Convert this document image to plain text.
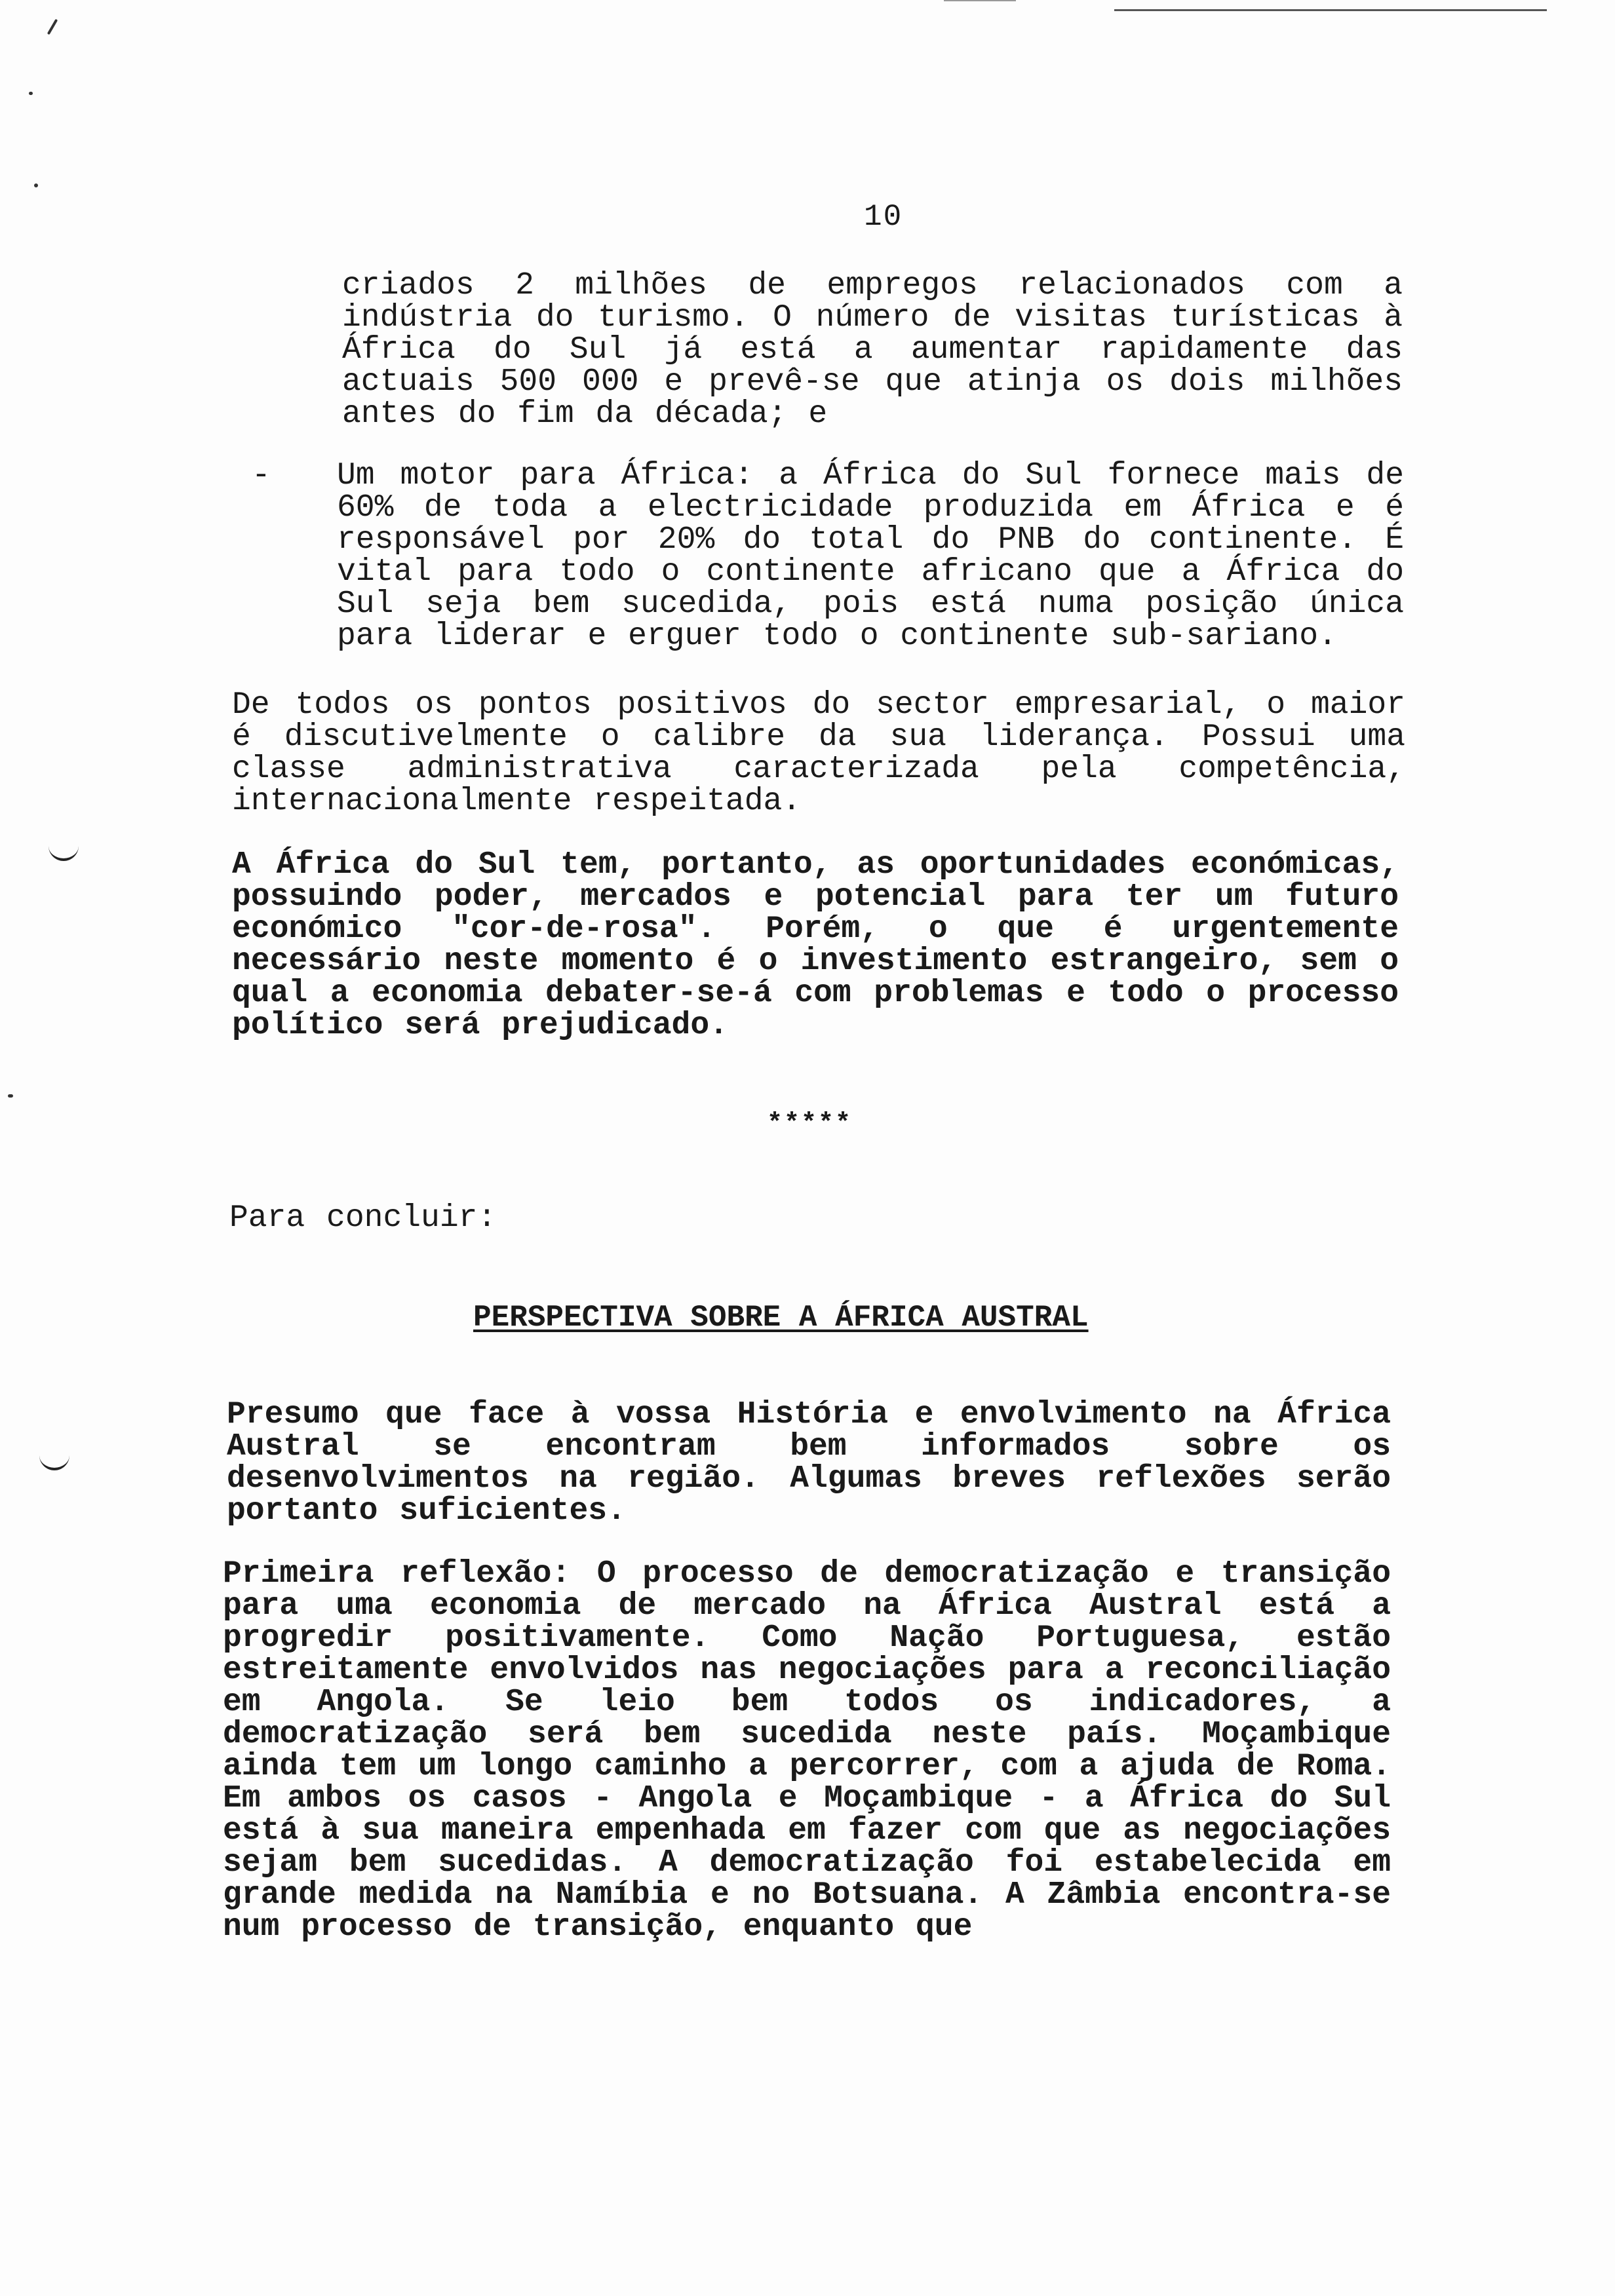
10
criados 2 milhões de empregos relacionados com a indústria do turismo. O número de visitas turísticas à África do Sul já está a aumentar rapidamente das actuais 500 000 e prevê-se que atinja os dois milhões antes do fim da década; e
- Um motor para África: a África do Sul fornece mais de 60% de toda a electricidade produzida em África e é responsável por 20% do total do PNB do continente. É vital para todo o continente africano que a África do Sul seja bem sucedida, pois está numa posição única para liderar e erguer todo o continente sub-sariano.
De todos os pontos positivos do sector empresarial, o maior é discutivelmente o calibre da sua liderança. Possui uma classe administrativa caracterizada pela competência, internacionalmente respeitada.
A África do Sul tem, portanto, as oportunidades económicas, possuindo poder, mercados e potencial para ter um futuro económico "cor-de-rosa". Porém, o que é urgentemente necessário neste momento é o investimento estrangeiro, sem o qual a economia debater-se-á com problemas e todo o processo político será prejudicado.
*****
Para concluir:
PERSPECTIVA SOBRE A ÁFRICA AUSTRAL
Presumo que face à vossa História e envolvimento na África Austral se encontram bem informados sobre os desenvolvimentos na região. Algumas breves reflexões serão portanto suficientes.
Primeira reflexão: O processo de democratização e transição para uma economia de mercado na África Austral está a progredir positivamente. Como Nação Portuguesa, estão estreitamente envolvidos nas negociações para a reconciliação em Angola. Se leio bem todos os indicadores, a democratização será bem sucedida neste país. Moçambique ainda tem um longo caminho a percorrer, com a ajuda de Roma. Em ambos os casos - Angola e Moçambique - a África do Sul está à sua maneira empenhada em fazer com que as negociações sejam bem sucedidas. A democratização foi estabelecida em grande medida na Namíbia e no Botsuana. A Zâmbia encontra-se num processo de transição, enquanto que
